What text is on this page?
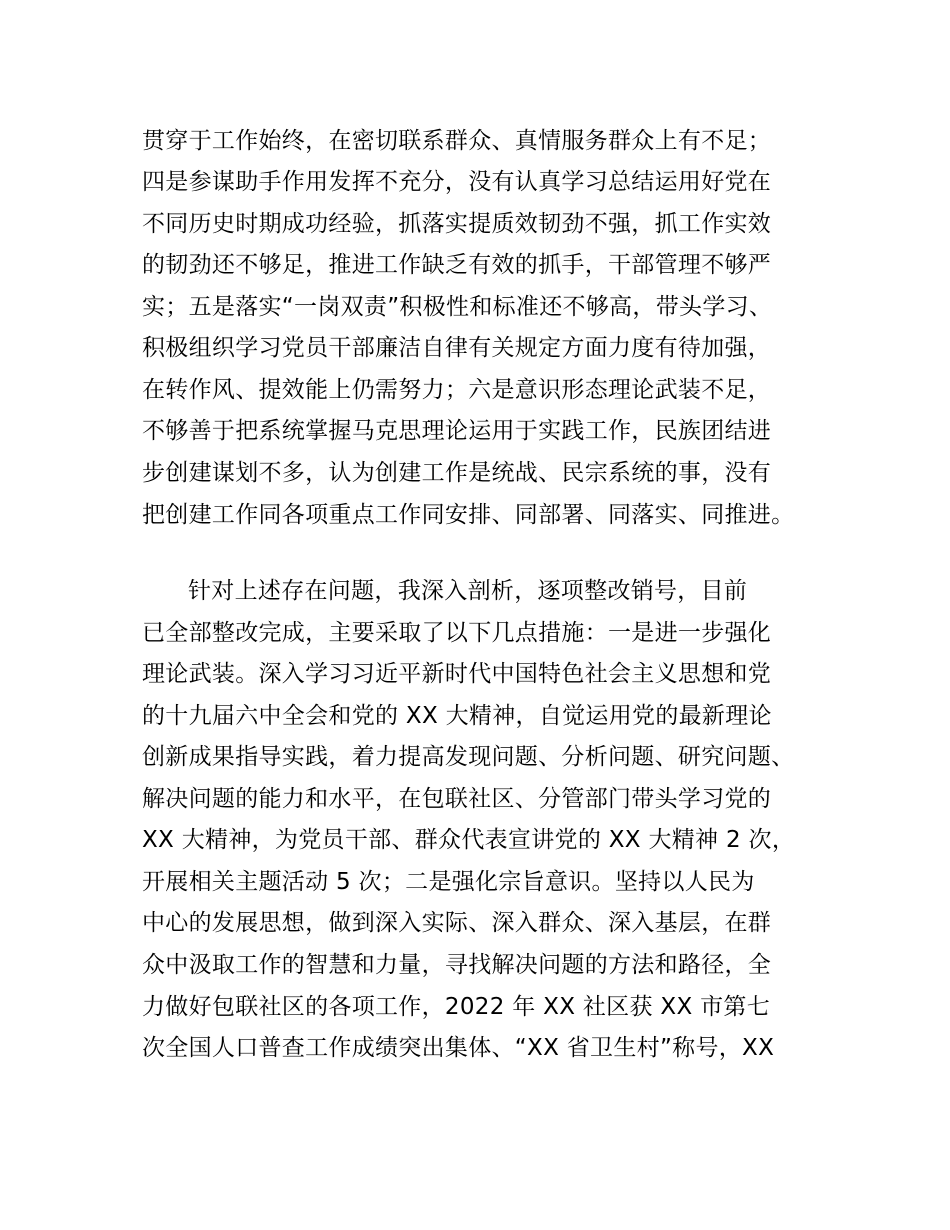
贯穿于工作始终，在密切联系群众、真情服务群众上有不足；
四是参谋助手作用发挥不充分，没有认真学习总结运用好党在
不同历史时期成功经验，抓落实提质效韧劲不强，抓工作实效
的韧劲还不够足，推进工作缺乏有效的抓手，干部管理不够严
实；五是落实“一岗双责”积极性和标准还不够高，带头学习、
积极组织学习党员干部廉洁自律有关规定方面力度有待加强，
在转作风、提效能上仍需努力；六是意识形态理论武装不足，
不够善于把系统掌握马克思理论运用于实践工作，民族团结进
步创建谋划不多，认为创建工作是统战、民宗系统的事，没有
把创建工作同各项重点工作同安排、同部署、同落实、同推进。
针对上述存在问题，我深入剖析，逐项整改销号，目前
已全部整改完成，主要采取了以下几点措施：一是进一步强化
理论武装。深入学习习近平新时代中国特色社会主义思想和党
的十九届六中全会和党的 XX 大精神，自觉运用党的最新理论
创新成果指导实践，着力提高发现问题、分析问题、研究问题、
解决问题的能力和水平，在包联社区、分管部门带头学习党的
XX 大精神，为党员干部、群众代表宣讲党的 XX 大精神 2 次，
开展相关主题活动 5 次；二是强化宗旨意识。坚持以人民为
中心的发展思想，做到深入实际、深入群众、深入基层，在群
众中汲取工作的智慧和力量，寻找解决问题的方法和路径，全
力做好包联社区的各项工作，2022 年 XX 社区获 XX 市第七
次全国人口普查工作成绩突出集体、“XX 省卫生村”称号，XX
